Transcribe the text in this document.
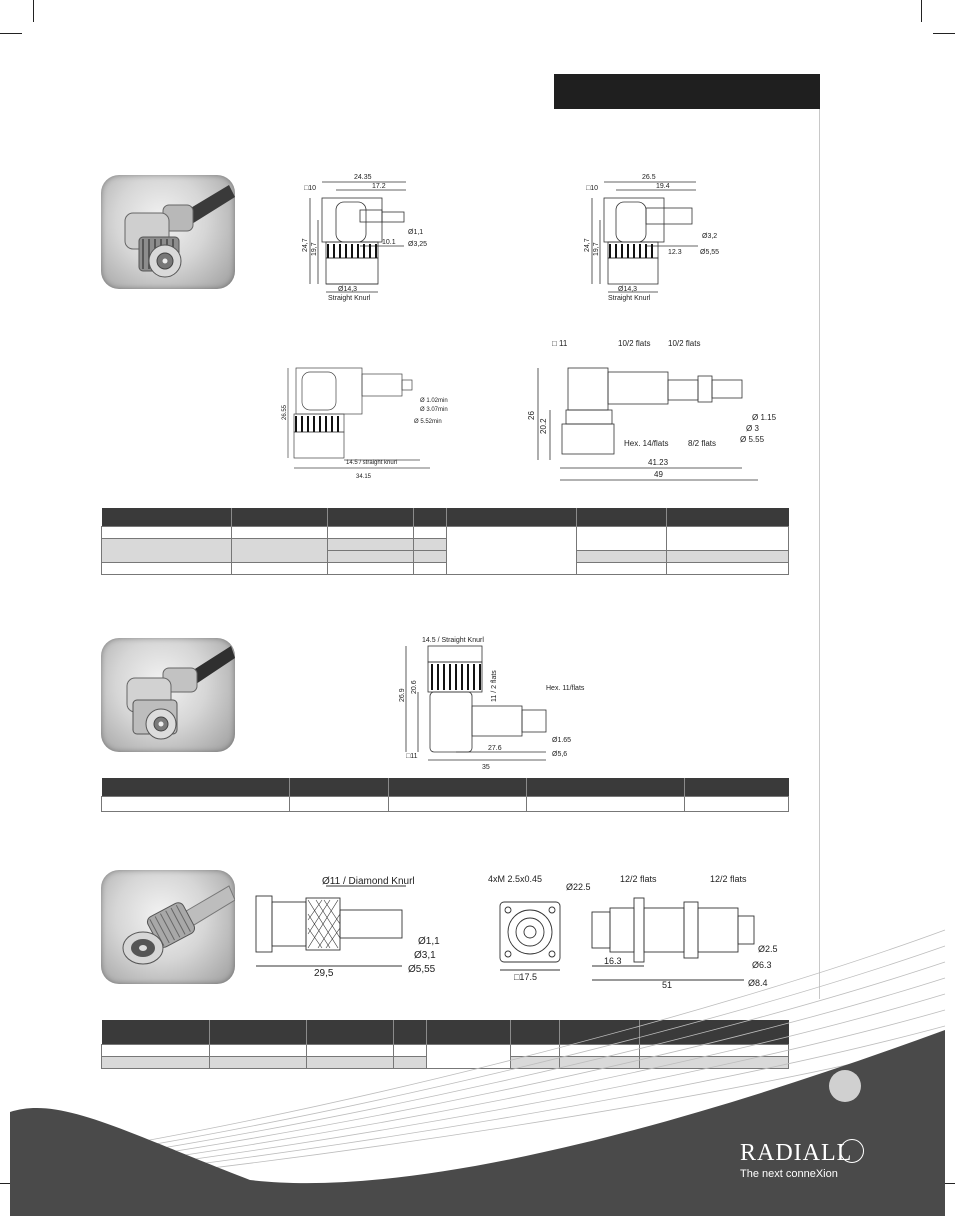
□10
24.35
17.2
Ø1,1
10.1 Ø3,25
24,7 19,7
Ø14,3
Straight Knurl
□10
26.5
19.4
Ø3,2
12.3	Ø5,55
24,7 19,7
Ø14,3
Straight Knurl
Ø 1.02min
Ø 3.07min
Ø 5.52min
26.55
14.5 / straight knurl
34.15
□ 11	10/2 flats 10/2 flats
26
20.2
Hex. 14/flats 8/2 flats
Ø 1.15
Ø 3
Ø 5.55
41.23
49

14.5 / Straight Knurl
26.9
20.6	11 / 2 flats	Hex. 11/flats
Ø1.65
27.6
Ø5,6
□11
35

Ø11 / Diamond Knurl
Ø1,1
Ø3,1
29,5	Ø5,55
4xM 2.5x0.45
Ø22.5
□17.5
12/2 flats	12/2 flats
16.3
51
Ø2.5
Ø6.3
Ø8.4

RADIALL
The next conneXion
